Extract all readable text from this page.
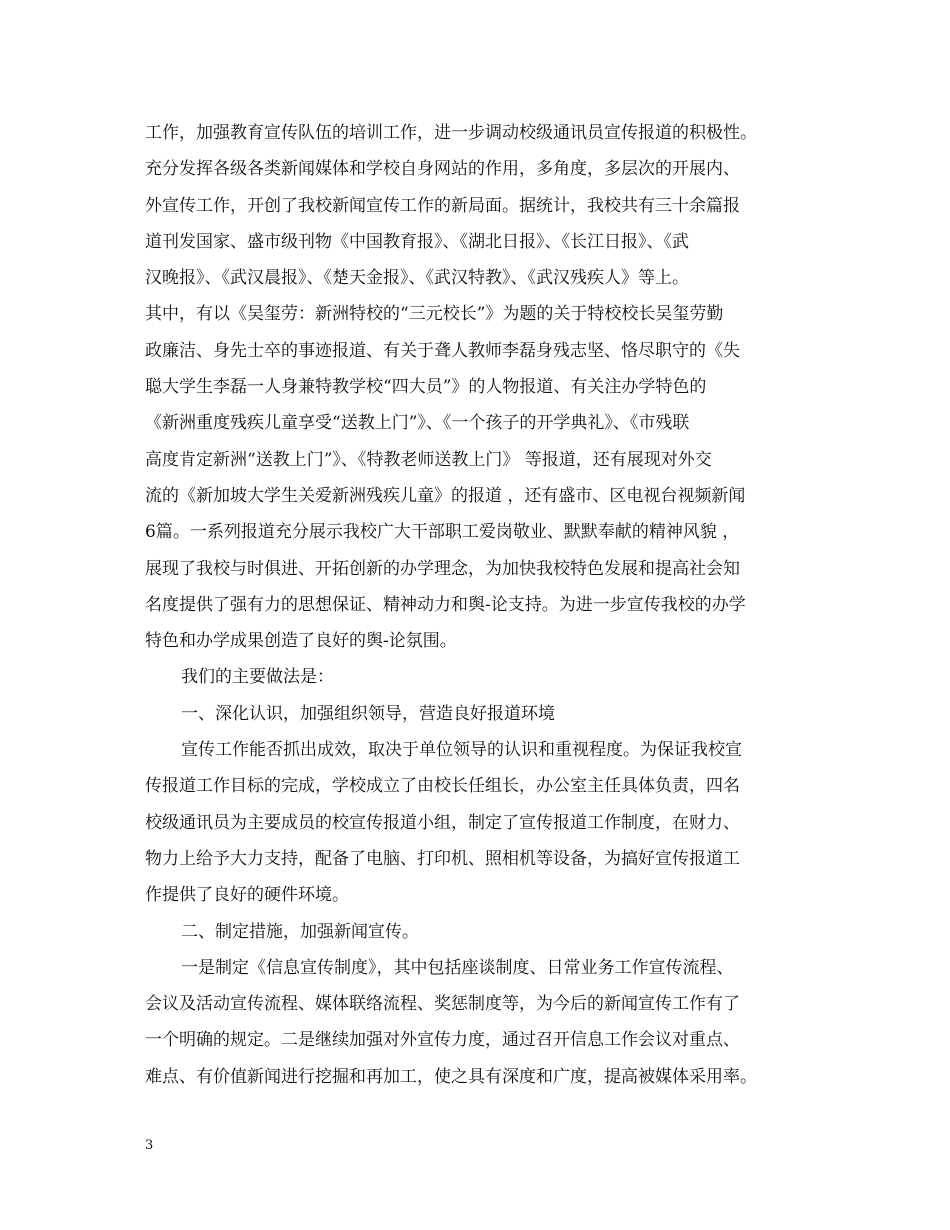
工作，加强教育宣传队伍的培训工作，进一步调动校级通讯员宣传报道的积极性。
充分发挥各级各类新闻媒体和学校自身网站的作用，多角度，多层次的开展内、
外宣传工作，开创了我校新闻宣传工作的新局面。据统计，我校共有三十余篇报
道刊发国家、盛市级刊物《中国教育报》、《湖北日报》、《长江日报》、《武
汉晚报》、《武汉晨报》、《楚天金报》、《武汉特教》、《武汉残疾人》等上。
其中，有以《吴玺劳：新洲特校的“三元校长”》为题的关于特校校长吴玺劳勤
政廉洁、身先士卒的事迹报道、有关于聋人教师李磊身残志坚、恪尽职守的《失
聪大学生李磊一人身兼特教学校“四大员”》的人物报道、有关注办学特色的
《新洲重度残疾儿童享受“送教上门”》、《一个孩子的开学典礼》、《市残联
高度肯定新洲“送教上门”》、《特教老师送教上门》 等报道，还有展现对外交
流的《新加坡大学生关爱新洲残疾儿童》的报道 ，还有盛市、区电视台视频新闻
6篇。一系列报道充分展示我校广大干部职工爱岗敬业、默默奉献的精神风貌 ，
展现了我校与时俱进、开拓创新的办学理念，为加快我校特色发展和提高社会知
名度提供了强有力的思想保证、精神动力和舆-论支持。为进一步宣传我校的办学
特色和办学成果创造了良好的舆-论氛围。
我们的主要做法是：
一、深化认识，加强组织领导，营造良好报道环境
宣传工作能否抓出成效，取决于单位领导的认识和重视程度。为保证我校宣
传报道工作目标的完成，学校成立了由校长任组长，办公室主任具体负责，四名
校级通讯员为主要成员的校宣传报道小组，制定了宣传报道工作制度，在财力、
物力上给予大力支持，配备了电脑、打印机、照相机等设备，为搞好宣传报道工
作提供了良好的硬件环境。
二、制定措施，加强新闻宣传。
一是制定《信息宣传制度》，其中包括座谈制度、日常业务工作宣传流程、
会议及活动宣传流程、媒体联络流程、奖惩制度等，为今后的新闻宣传工作有了
一个明确的规定。二是继续加强对外宣传力度，通过召开信息工作会议对重点、
难点、有价值新闻进行挖掘和再加工，使之具有深度和广度，提高被媒体采用率。
3
